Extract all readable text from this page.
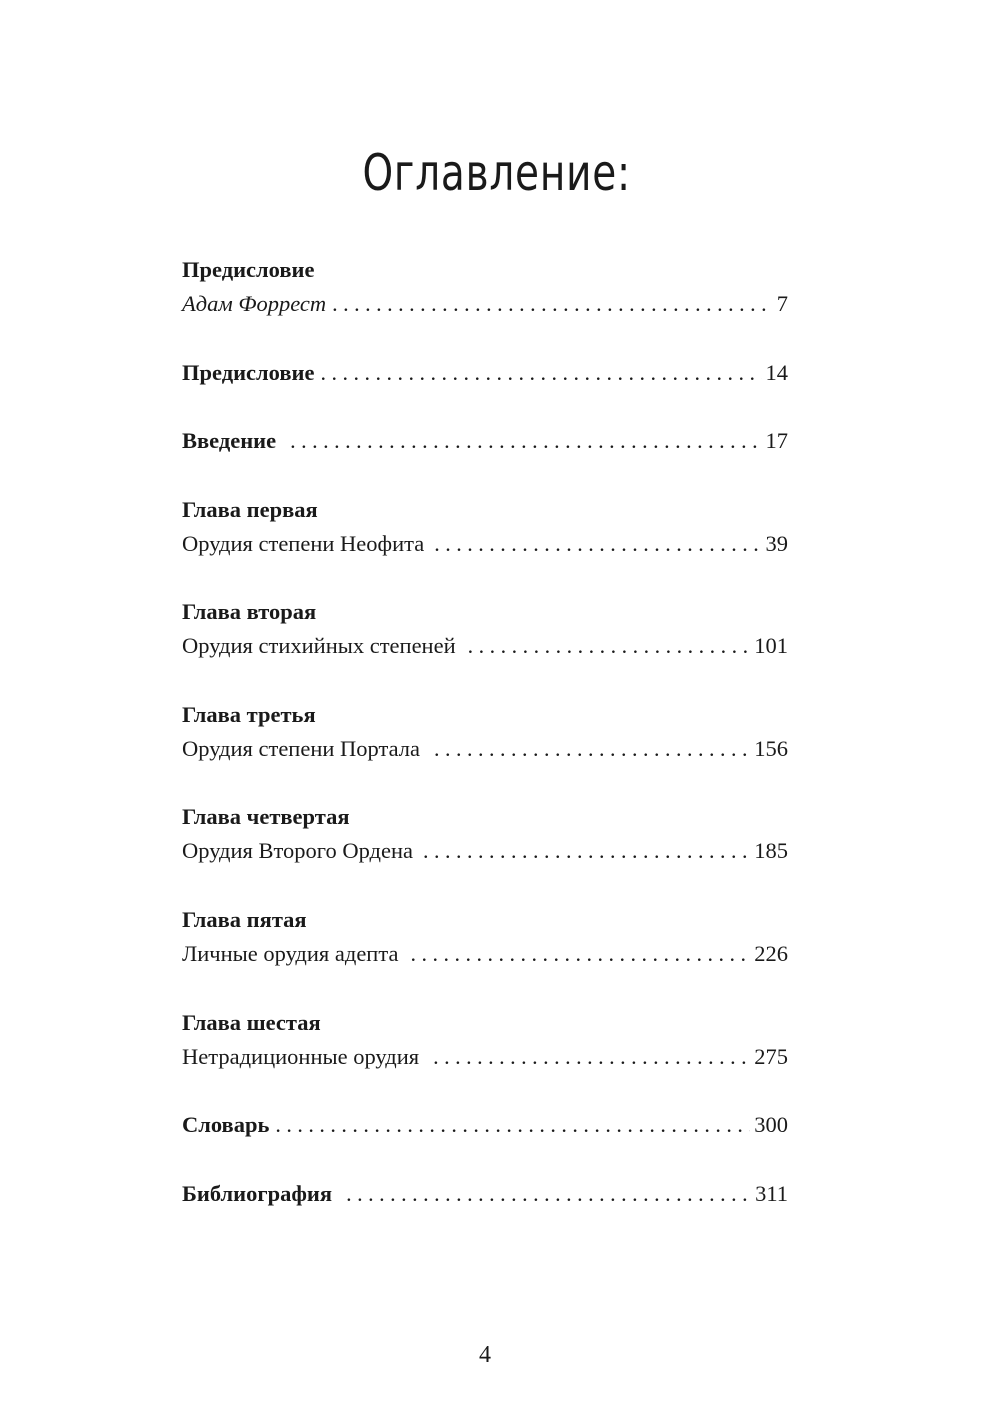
Оглавление:
Предисловие
Адам Форрест . . .	7
Предисловие . . .	14
Введение . . .	17
Глава первая
Орудия степени Неофита . . .	39
Глава вторая
Орудия стихийных степеней . . .	101
Глава третья
Орудия степени Портала . . .	156
Глава четвертая
Орудия Второго Ордена . . .	185
Глава пятая
Личные орудия адепта . . .	226
Глава шестая
Нетрадиционные орудия . . .	275
Словарь . . .	300
Библиография . . .	311
4
